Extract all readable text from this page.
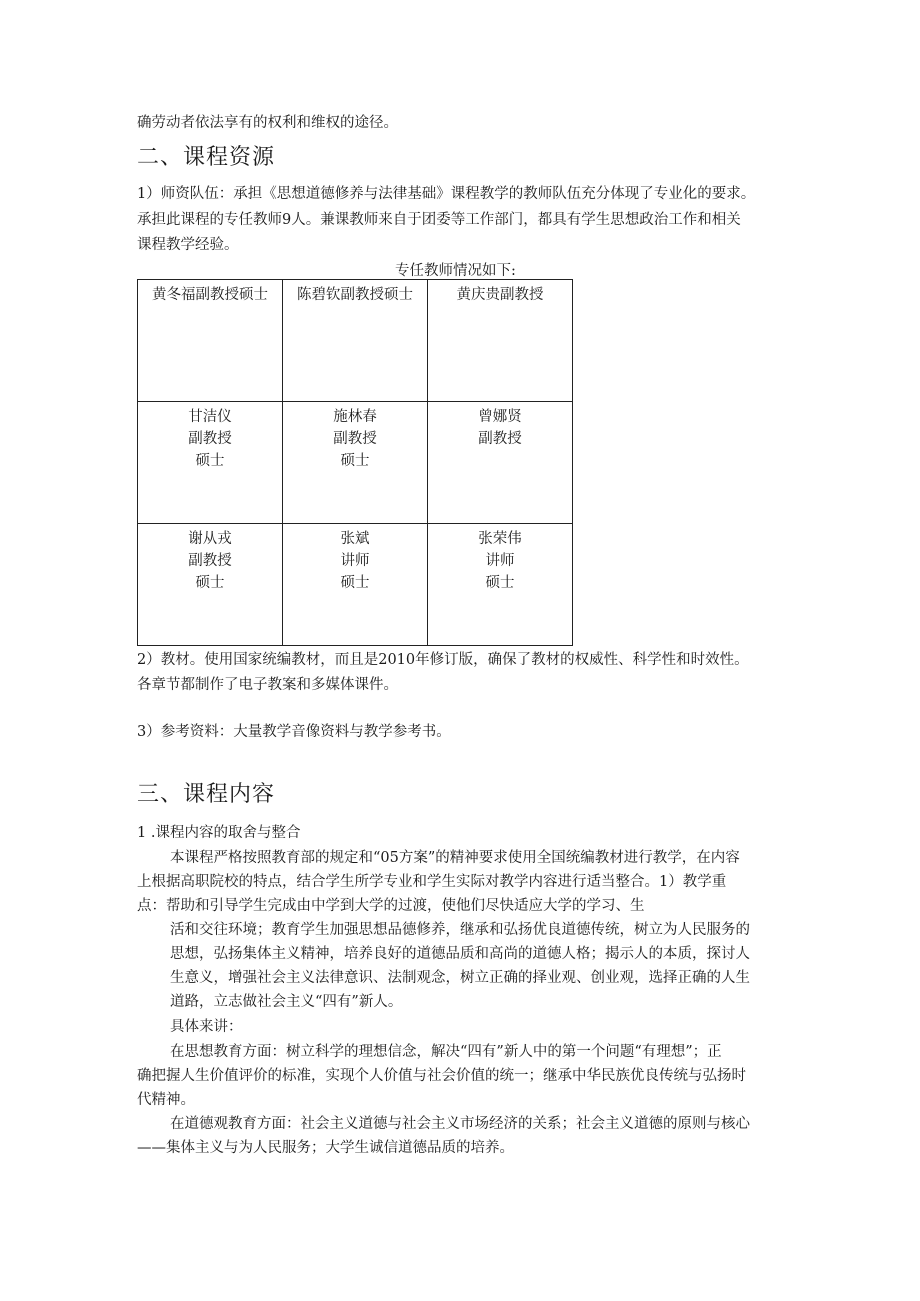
确劳动者依法享有的权利和维权的途径。
二、课程资源
1）师资队伍：承担《思想道德修养与法律基础》课程教学的教师队伍充分体现了专业化的要求。
承担此课程的专任教师9人。兼课教师来自于团委等工作部门，都具有学生思想政治工作和相关
课程教学经验。
专任教师情况如下:
黄冬福副教授硕士	陈碧钦副教授硕士	黄庆贵副教授

甘洁仪
副教授
硕士	施林春
副教授
硕士	曾娜贤
副教授

谢从戎
副教授
硕士	张斌
讲师
硕士	张荣伟
讲师
硕士
2）教材。使用国家统编教材，而且是2010年修订版，确保了教材的权威性、科学性和时效性。
各章节都制作了电子教案和多媒体课件。
3）参考资料：大量教学音像资料与教学参考书。
三、课程内容
1 .课程内容的取舍与整合
本课程严格按照教育部的规定和“05方案”的精神要求使用全国统编教材进行教学，在内容
上根据高职院校的特点，结合学生所学专业和学生实际对教学内容进行适当整合。1）教学重
点：帮助和引导学生完成由中学到大学的过渡，使他们尽快适应大学的学习、生
活和交往环境；教育学生加强思想品德修养，继承和弘扬优良道德传统，树立为人民服务的
思想，弘扬集体主义精神，培养良好的道德品质和高尚的道德人格；揭示人的本质，探讨人
生意义，增强社会主义法律意识、法制观念，树立正确的择业观、创业观，选择正确的人生
道路，立志做社会主义“四有”新人。
具体来讲：
在思想教育方面：树立科学的理想信念，解决“四有”新人中的第一个问题“有理想”；正
确把握人生价值评价的标准，实现个人价值与社会价值的统一；继承中华民族优良传统与弘扬时
代精神。
在道德观教育方面：社会主义道德与社会主义市场经济的关系；社会主义道德的原则与核心
——集体主义与为人民服务；大学生诚信道德品质的培养。
